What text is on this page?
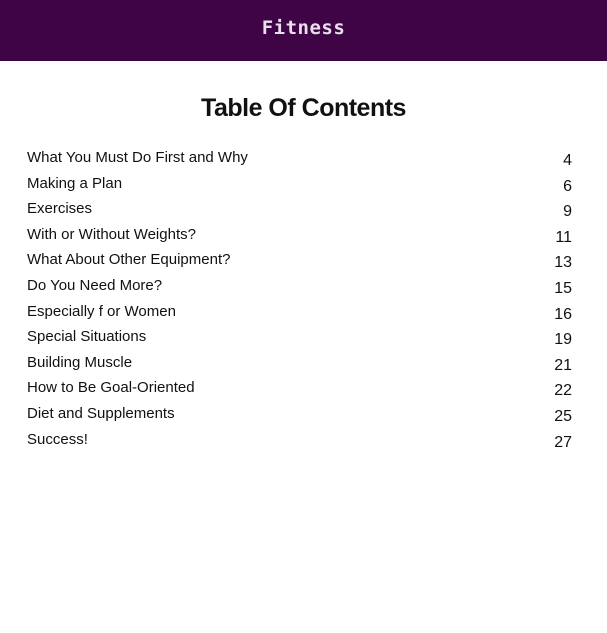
Fitness
Table Of Contents
What You Must Do First and Why	4
Making a Plan	6
Exercises	9
With or Without Weights?	11
What About Other Equipment?	13
Do You Need More?	15
Especially f or Women	16
Special Situations	19
Building Muscle	21
How to Be Goal-Oriented	22
Diet and Supplements	25
Success!	27
